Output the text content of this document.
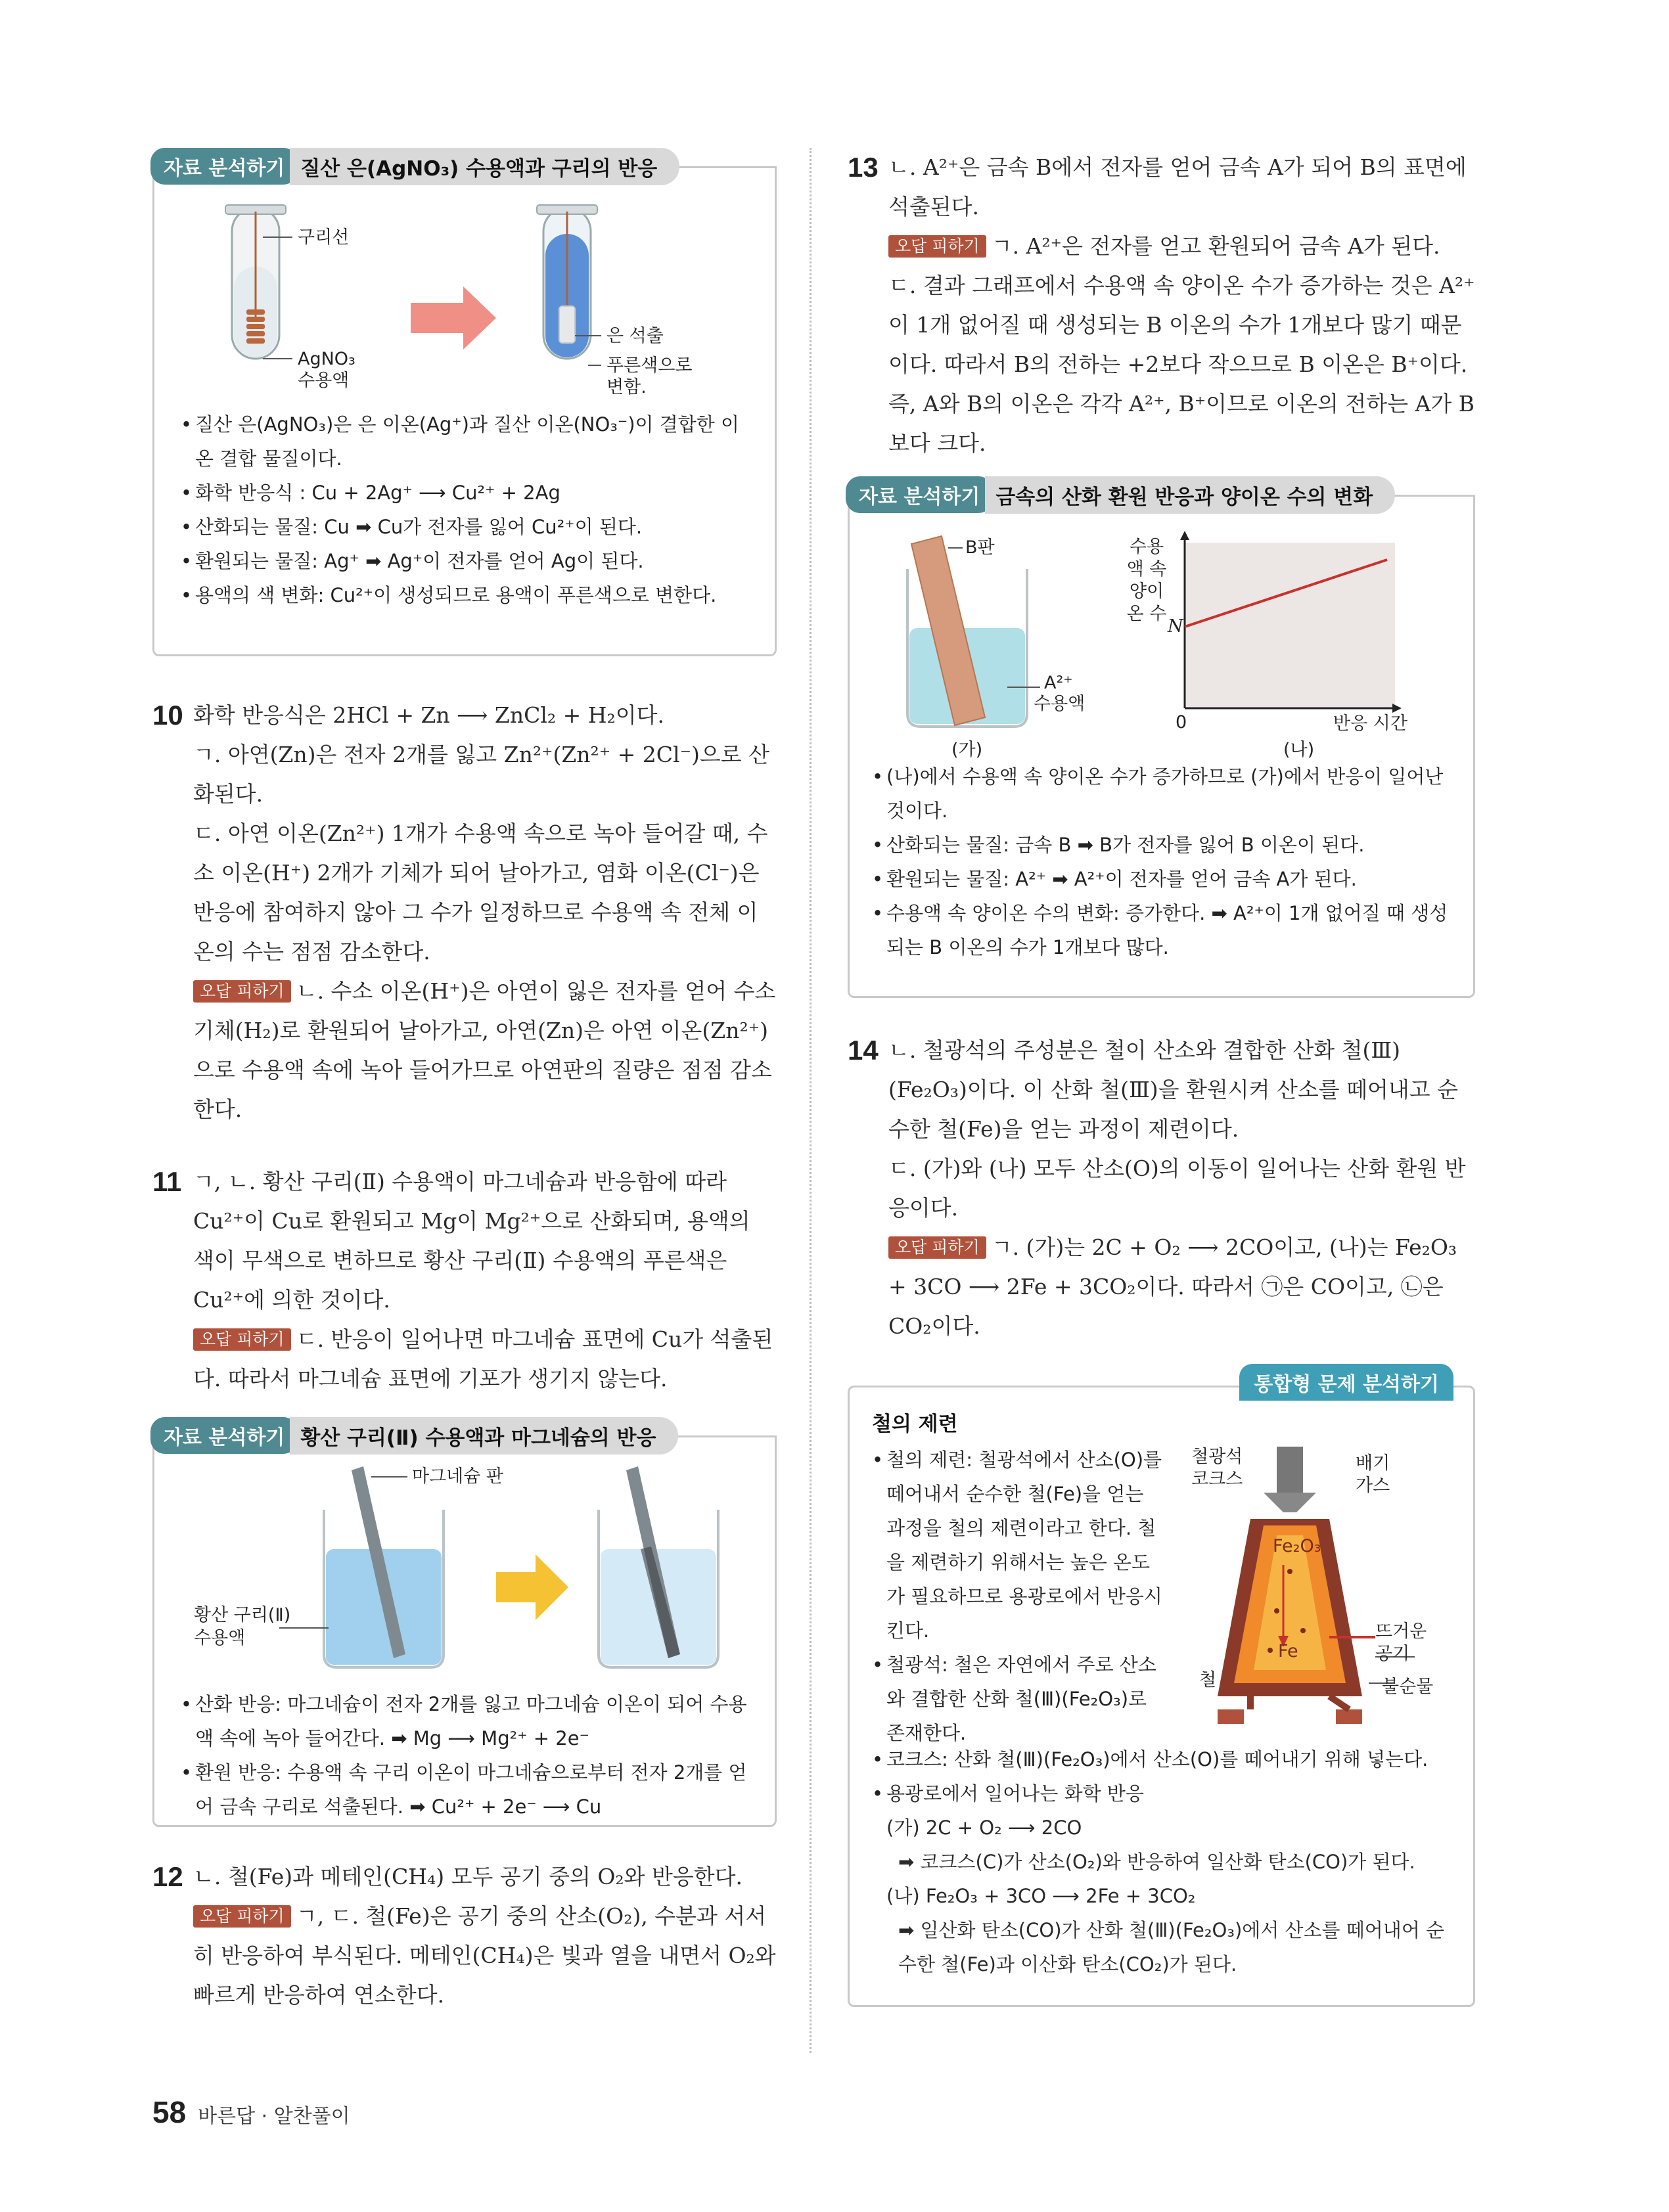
자료 분석하기 질산 은(AgNO₃) 수용액과 구리의 반응
구리선
AgNO₃
수용액
은 석출
푸른색으로
변함.
• 질산 은(AgNO₃)은 은 이온(Ag⁺)과 질산 이온(NO₃⁻)이 결합한 이온 결합 물질이다.
• 화학 반응식 : Cu + 2Ag⁺ ⟶ Cu²⁺ + 2Ag
• 산화되는 물질: Cu ➡ Cu가 전자를 잃어 Cu²⁺이 된다.
• 환원되는 물질: Ag⁺ ➡ Ag⁺이 전자를 얻어 Ag이 된다.
• 용액의 색 변화: Cu²⁺이 생성되므로 용액이 푸른색으로 변한다.
10 화학 반응식은 2HCl + Zn ⟶ ZnCl₂ + H₂이다.

ㄱ. 아연(Zn)은 전자 2개를 잃고 Zn²⁺(Zn²⁺ + 2Cl⁻)으로 산화된다.

ㄷ. 아연 이온(Zn²⁺) 1개가 수용액 속으로 녹아 들어갈 때, 수소 이온(H⁺) 2개가 기체가 되어 날아가고, 염화 이온(Cl⁻)은 반응에 참여하지 않아 그 수가 일정하므로 수용액 속 전체 이온의 수는 점점 감소한다.

오답 피하기 ㄴ. 수소 이온(H⁺)은 아연이 잃은 전자를 얻어 수소 기체(H₂)로 환원되어 날아가고, 아연(Zn)은 아연 이온(Zn²⁺)으로 수용액 속에 녹아 들어가므로 아연판의 질량은 점점 감소한다.

11 ㄱ, ㄴ. 황산 구리(Ⅱ) 수용액이 마그네슘과 반응함에 따라 Cu²⁺이 Cu로 환원되고 Mg이 Mg²⁺으로 산화되며, 용액의 색이 무색으로 변하므로 황산 구리(Ⅱ) 수용액의 푸른색은 Cu²⁺에 의한 것이다.

오답 피하기 ㄷ. 반응이 일어나면 마그네슘 표면에 Cu가 석출된다. 따라서 마그네슘 표면에 기포가 생기지 않는다.

자료 분석하기 황산 구리(Ⅱ) 수용액과 마그네슘의 반응
마그네슘 판
황산 구리(Ⅱ)
수용액
• 산화 반응: 마그네슘이 전자 2개를 잃고 마그네슘 이온이 되어 수용액 속에 녹아 들어간다. ➡ Mg ⟶ Mg²⁺ + 2e⁻
• 환원 반응: 수용액 속 구리 이온이 마그네슘으로부터 전자 2개를 얻어 금속 구리로 석출된다. ➡ Cu²⁺ + 2e⁻ ⟶ Cu
12 ㄴ. 철(Fe)과 메테인(CH₄) 모두 공기 중의 O₂와 반응한다.

오답 피하기 ㄱ, ㄷ. 철(Fe)은 공기 중의 산소(O₂), 수분과 서서히 반응하여 부식된다. 메테인(CH₄)은 빛과 열을 내면서 O₂와 빠르게 반응하여 연소한다.

13 ㄴ. A²⁺은 금속 B에서 전자를 얻어 금속 A가 되어 B의 표면에 석출된다.

오답 피하기 ㄱ. A²⁺은 전자를 얻고 환원되어 금속 A가 된다.

ㄷ. 결과 그래프에서 수용액 속 양이온 수가 증가하는 것은 A²⁺이 1개 없어질 때 생성되는 B 이온의 수가 1개보다 많기 때문이다. 따라서 B의 전하는 +2보다 작으므로 B 이온은 B⁺이다. 즉, A와 B의 이온은 각각 A²⁺, B⁺이므로 이온의 전하는 A가 B보다 크다.

자료 분석하기 금속의 산화 환원 반응과 양이온 수의 변화
B판
A²⁺
수용액
(가)	(나)
수용액 속 양이온 수
N
0	반응 시간
• (나)에서 수용액 속 양이온 수가 증가하므로 (가)에서 반응이 일어난 것이다.
• 산화되는 물질: 금속 B ➡ B가 전자를 잃어 B 이온이 된다.
• 환원되는 물질: A²⁺ ➡ A²⁺이 전자를 얻어 금속 A가 된다.
• 수용액 속 양이온 수의 변화: 증가한다. ➡ A²⁺이 1개 없어질 때 생성되는 B 이온의 수가 1개보다 많다.
14 ㄴ. 철광석의 주성분은 철이 산소와 결합한 산화 철(Ⅲ)(Fe₂O₃)이다. 이 산화 철(Ⅲ)을 환원시켜 산소를 떼어내고 순수한 철(Fe)을 얻는 과정이 제련이다.

ㄷ. (가)와 (나) 모두 산소(O)의 이동이 일어나는 산화 환원 반응이다.

오답 피하기 ㄱ. (가)는 2C + O₂ ⟶ 2CO이고, (나)는 Fe₂O₃ + 3CO ⟶ 2Fe + 3CO₂이다. 따라서 ㉠은 CO이고, ㉡은 CO₂이다.

통합형 문제 분석하기
철의 제련
• 철의 제련: 철광석에서 산소(O)를 떼어내서 순수한 철(Fe)을 얻는 과정을 철의 제련이라고 한다. 철을 제련하기 위해서는 높은 온도가 필요하므로 용광로에서 반응시킨다.
• 철광석: 철은 자연에서 주로 산소와 결합한 산화 철(Ⅲ)(Fe₂O₃)로 존재한다.
철광석
코크스
배기
가스
Fe₂O₃
Fe
뜨거운
공기
철	불순물
• 코크스: 산화 철(Ⅲ)(Fe₂O₃)에서 산소(O)를 떼어내기 위해 넣는다.
• 용광로에서 일어나는 화학 반응
(가) 2C + O₂ ⟶ 2CO
➡ 코크스(C)가 산소(O₂)와 반응하여 일산화 탄소(CO)가 된다.
(나) Fe₂O₃ + 3CO ⟶ 2Fe + 3CO₂
➡ 일산화 탄소(CO)가 산화 철(Ⅲ)(Fe₂O₃)에서 산소를 떼어내어 순수한 철(Fe)과 이산화 탄소(CO₂)가 된다.
58 바른답 · 알찬풀이
